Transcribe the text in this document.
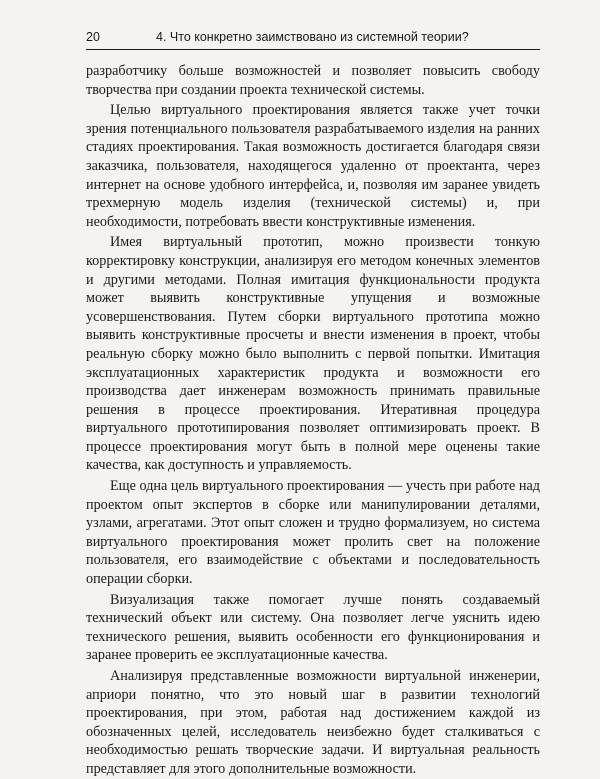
20	4. Что конкретно заимствовано из системной теории?

разработчику больше возможностей и позволяет повысить свободу творчества при создании проекта технической системы.

Целью виртуального проектирования является также учет точки зрения потенциального пользователя разрабатываемого изделия на ранних стадиях проектирования. Такая возможность достигается благодаря связи заказчика, пользователя, находящегося удаленно от проектанта, через интернет на основе удобного интерфейса, и, позволяя им заранее увидеть трехмерную модель изделия (технической системы) и, при необходимости, потребовать ввести конструктивные изменения.

Имея виртуальный прототип, можно произвести тонкую корректировку конструкции, анализируя его методом конечных элементов и другими методами. Полная имитация функциональности продукта может выявить конструктивные упущения и возможные усовершенствования. Путем сборки виртуального прототипа можно выявить конструктивные просчеты и внести изменения в проект, чтобы реальную сборку можно было выполнить с первой попытки. Имитация эксплуатационных характеристик продукта и возможности его производства дает инженерам возможность принимать правильные решения в процессе проектирования. Итеративная процедура виртуального прототипирования позволяет оптимизировать проект. В процессе проектирования могут быть в полной мере оценены такие качества, как доступность и управляемость.

Еще одна цель виртуального проектирования — учесть при работе над проектом опыт экспертов в сборке или манипулировании деталями, узлами, агрегатами. Этот опыт сложен и трудно формализуем, но система виртуального проектирования может пролить свет на положение пользователя, его взаимодействие с объектами и последовательность операции сборки.

Визуализация также помогает лучше понять создаваемый технический объект или систему. Она позволяет легче уяснить идею технического решения, выявить особенности его функционирования и заранее проверить ее эксплуатационные качества.

Анализируя представленные возможности виртуальной инженерии, априори понятно, что это новый шаг в развитии технологий проектирования, при этом, работая над достижением каждой из обозначенных целей, исследователь неизбежно будет сталкиваться с необходимостью решать творческие задачи. И виртуальная реальность представляет для этого дополнительные возможности.
